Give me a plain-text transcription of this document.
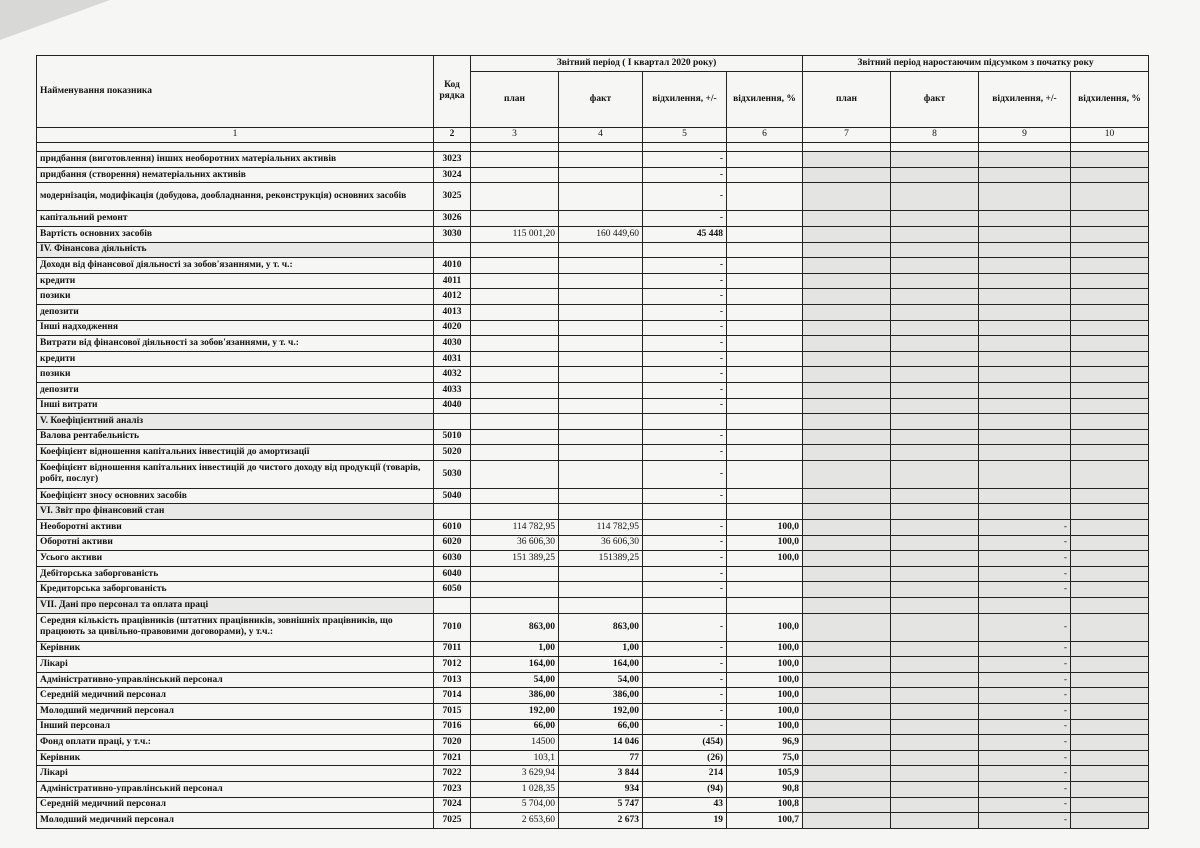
Найменування показника	Код рядка	Звітний період ( I квартал 2020 року)				Звітний період наростаючим підсумком з початку року			
		план	факт	відхилення, +/-	відхилення, %	план	факт	відхилення, +/-	відхилення, %
1	2	3	4	5	6	7	8	9	10

придбання (виготовлення) інших необоротних матеріальних активів	3023			-					
придбання (створення) нематеріальних активів	3024			-					
модернізація, модифікація (добудова, дообладнання, реконструкція) основних засобів	3025			-					
капітальний ремонт	3026			-					
Вартість основних засобів	3030	115 001,20	160 449,60	45 448					
IV. Фінансова діяльність									
Доходи від фінансової діяльності за зобов'язаннями, у т. ч.:	4010			-					
кредити	4011			-					
позики	4012			-					
депозити	4013			-					
Інші надходження	4020			-					
Витрати від фінансової діяльності за зобов'язаннями, у т. ч.:	4030			-					
кредити	4031			-					
позики	4032			-					
депозити	4033			-					
Інші витрати	4040			-					
V. Коефіцієнтний аналіз									
Валова рентабельність	5010			-					
Коефіцієнт відношення капітальних інвестицій до амортизації	5020			-					
Коефіцієнт відношення капітальних інвестицій до чистого доходу від продукції (товарів, робіт, послуг)	5030			-					
Коефіцієнт зносу основних засобів	5040			-					
VI. Звіт про фінансовий стан									
Необоротні активи	6010	114 782,95	114 782,95	-	100,0			-	
Оборотні активи	6020	36 606,30	36 606,30	-	100,0			-	
Усього активи	6030	151 389,25	151389,25	-	100,0			-	
Дебіторська заборгованість	6040			-				-	
Кредиторська заборгованість	6050			-				-	
VII. Дані про персонал та оплата праці									
Середня кількість працівників (штатних працівників, зовнішніх працівників, що працюють за цивільно-правовими договорами), у т.ч.:	7010	863,00	863,00	-	100,0			-	
Керівник	7011	1,00	1,00	-	100,0			-	
Лікарі	7012	164,00	164,00	-	100,0			-	
Адміністративно-управлінський персонал	7013	54,00	54,00	-	100,0			-	
Середній медичний персонал	7014	386,00	386,00	-	100,0			-	
Молодший медичний персонал	7015	192,00	192,00	-	100,0			-	
Інший персонал	7016	66,00	66,00	-	100,0			-	
Фонд оплати праці, у т.ч.:	7020	14500	14 046	(454)	96,9			-	
Керівник	7021	103,1	77	(26)	75,0			-	
Лікарі	7022	3 629,94	3 844	214	105,9			-	
Адміністративно-управлінський персонал	7023	1 028,35	934	(94)	90,8			-	
Середній медичний персонал	7024	5 704,00	5 747	43	100,8			-	
Молодший медичний персонал	7025	2 653,60	2 673	19	100,7			-	
